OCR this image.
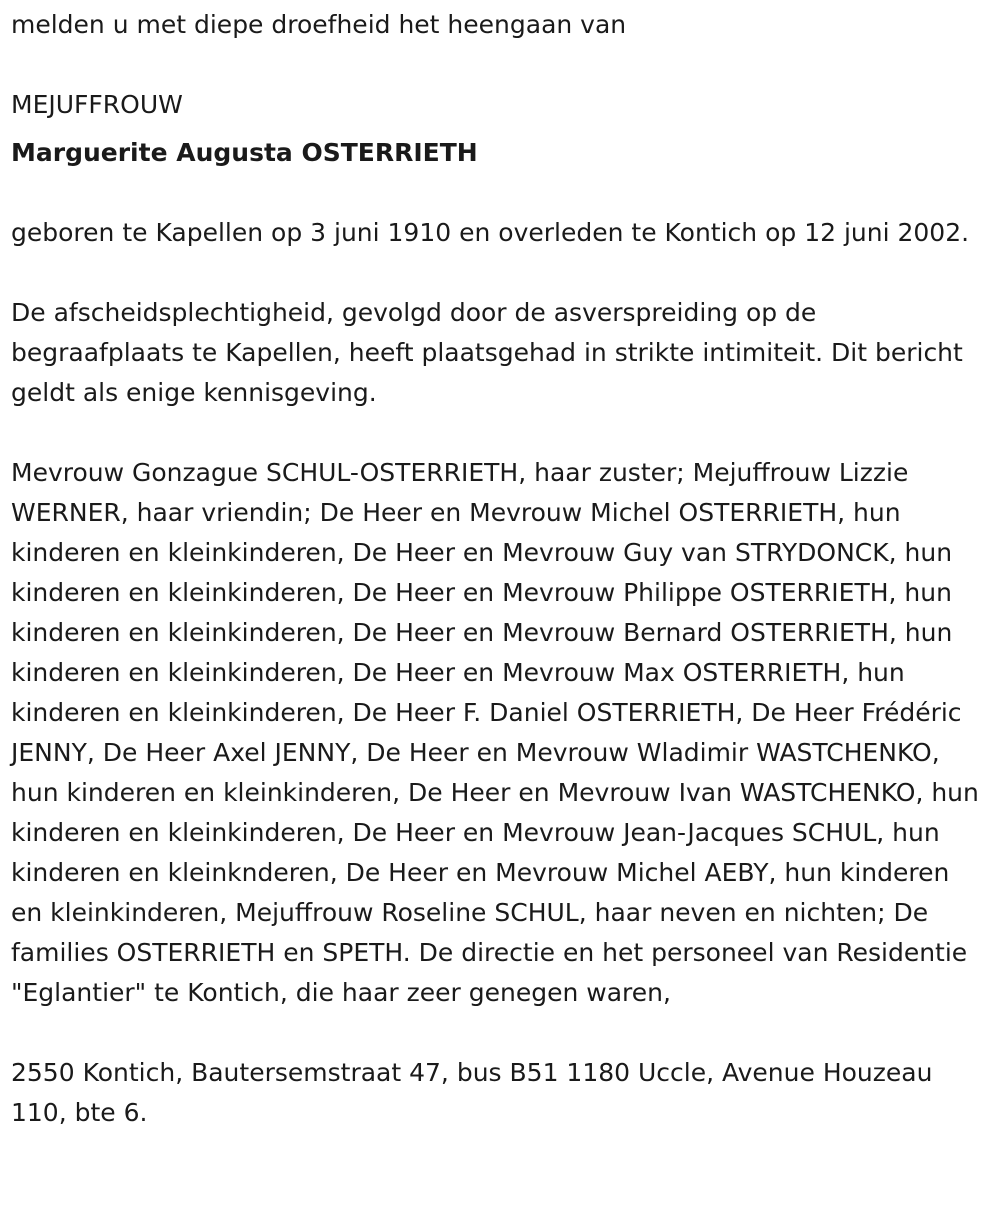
melden u met diepe droefheid het heengaan van

MEJUFFROUW

Marguerite Augusta OSTERRIETH

geboren te Kapellen op 3 juni 1910 en overleden te Kontich op 12 juni 2002.

De afscheidsplechtigheid, gevolgd door de asverspreiding op de begraafplaats te Kapellen, heeft plaatsgehad in strikte intimiteit. Dit bericht geldt als enige kennisgeving.

Mevrouw Gonzague SCHUL-OSTERRIETH, haar zuster; Mejuffrouw Lizzie WERNER, haar vriendin; De Heer en Mevrouw Michel OSTERRIETH, hun kinderen en kleinkinderen, De Heer en Mevrouw Guy van STRYDONCK, hun kinderen en kleinkinderen, De Heer en Mevrouw Philippe OSTERRIETH, hun kinderen en kleinkinderen, De Heer en Mevrouw Bernard OSTERRIETH, hun kinderen en kleinkinderen, De Heer en Mevrouw Max OSTERRIETH, hun kinderen en kleinkinderen, De Heer F. Daniel OSTERRIETH, De Heer Frédéric JENNY, De Heer Axel JENNY, De Heer en Mevrouw Wladimir WASTCHENKO, hun kinderen en kleinkinderen, De Heer en Mevrouw Ivan WASTCHENKO, hun kinderen en kleinkinderen, De Heer en Mevrouw Jean-Jacques SCHUL, hun kinderen en kleinknderen, De Heer en Mevrouw Michel AEBY, hun kinderen en kleinkinderen, Mejuffrouw Roseline SCHUL, haar neven en nichten; De families OSTERRIETH en SPETH. De directie en het personeel van Residentie "Eglantier" te Kontich, die haar zeer genegen waren,

2550 Kontich, Bautersemstraat 47, bus B51 1180 Uccle, Avenue Houzeau 110, bte 6.
